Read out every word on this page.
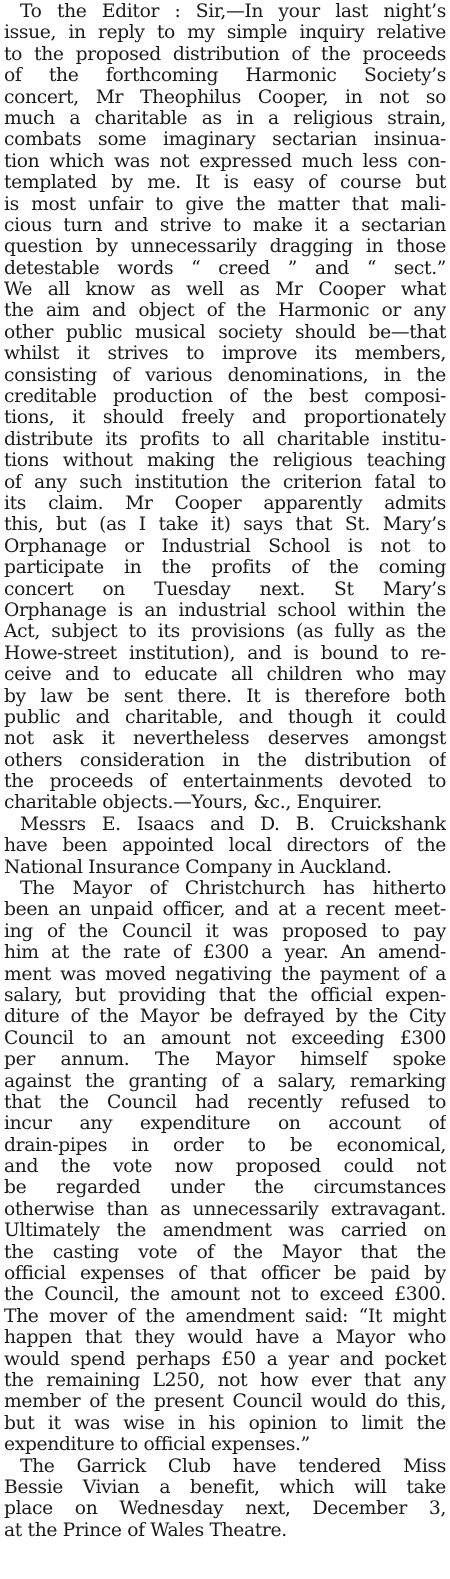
To the Editor : Sir,—In your last night’s
issue, in reply to my simple inquiry relative
to the proposed distribution of the proceeds
of the forthcoming Harmonic Society’s
concert, Mr Theophilus Cooper, in not so
much a charitable as in a religious strain,
combats some imaginary sectarian insinua-
tion which was not expressed much less con-
templated by me. It is easy of course but
is most unfair to give the matter that mali-
cious turn and strive to make it a sectarian
question by unnecessarily dragging in those
detestable words “ creed ” and “ sect.”
We all know as well as Mr Cooper what
the aim and object of the Harmonic or any
other public musical society should be—that
whilst it strives to improve its members,
consisting of various denominations, in the
creditable production of the best composi-
tions, it should freely and proportionately
distribute its profits to all charitable institu-
tions without making the religious teaching
of any such institution the criterion fatal to
its claim. Mr Cooper apparently admits
this, but (as I take it) says that St. Mary’s
Orphanage or Industrial School is not to
participate in the profits of the coming
concert on Tuesday next. St Mary’s
Orphanage is an industrial school within the
Act, subject to its provisions (as fully as the
Howe-street institution), and is bound to re-
ceive and to educate all children who may
by law be sent there. It is therefore both
public and charitable, and though it could
not ask it nevertheless deserves amongst
others consideration in the distribution of
the proceeds of entertainments devoted to
charitable objects.—Yours, &c., Enquirer.
Messrs E. Isaacs and D. B. Cruickshank
have been appointed local directors of the
National Insurance Company in Auckland.
The Mayor of Christchurch has hitherto
been an unpaid officer, and at a recent meet-
ing of the Council it was proposed to pay
him at the rate of £300 a year. An amend-
ment was moved negativing the payment of a
salary, but providing that the official expen-
diture of the Mayor be defrayed by the City
Council to an amount not exceeding £300
per annum. The Mayor himself spoke
against the granting of a salary, remarking
that the Council had recently refused to
incur any expenditure on account of
drain-pipes in order to be economical,
and the vote now proposed could not
be regarded under the circumstances
otherwise than as unnecessarily extravagant.
Ultimately the amendment was carried on
the casting vote of the Mayor that the
official expenses of that officer be paid by
the Council, the amount not to exceed £300.
The mover of the amendment said: “It might
happen that they would have a Mayor who
would spend perhaps £50 a year and pocket
the remaining L250, not how ever that any
member of the present Council would do this,
but it was wise in his opinion to limit the
expenditure to official expenses.”
The Garrick Club have tendered Miss
Bessie Vivian a benefit, which will take
place on Wednesday next, December 3,
at the Prince of Wales Theatre.
